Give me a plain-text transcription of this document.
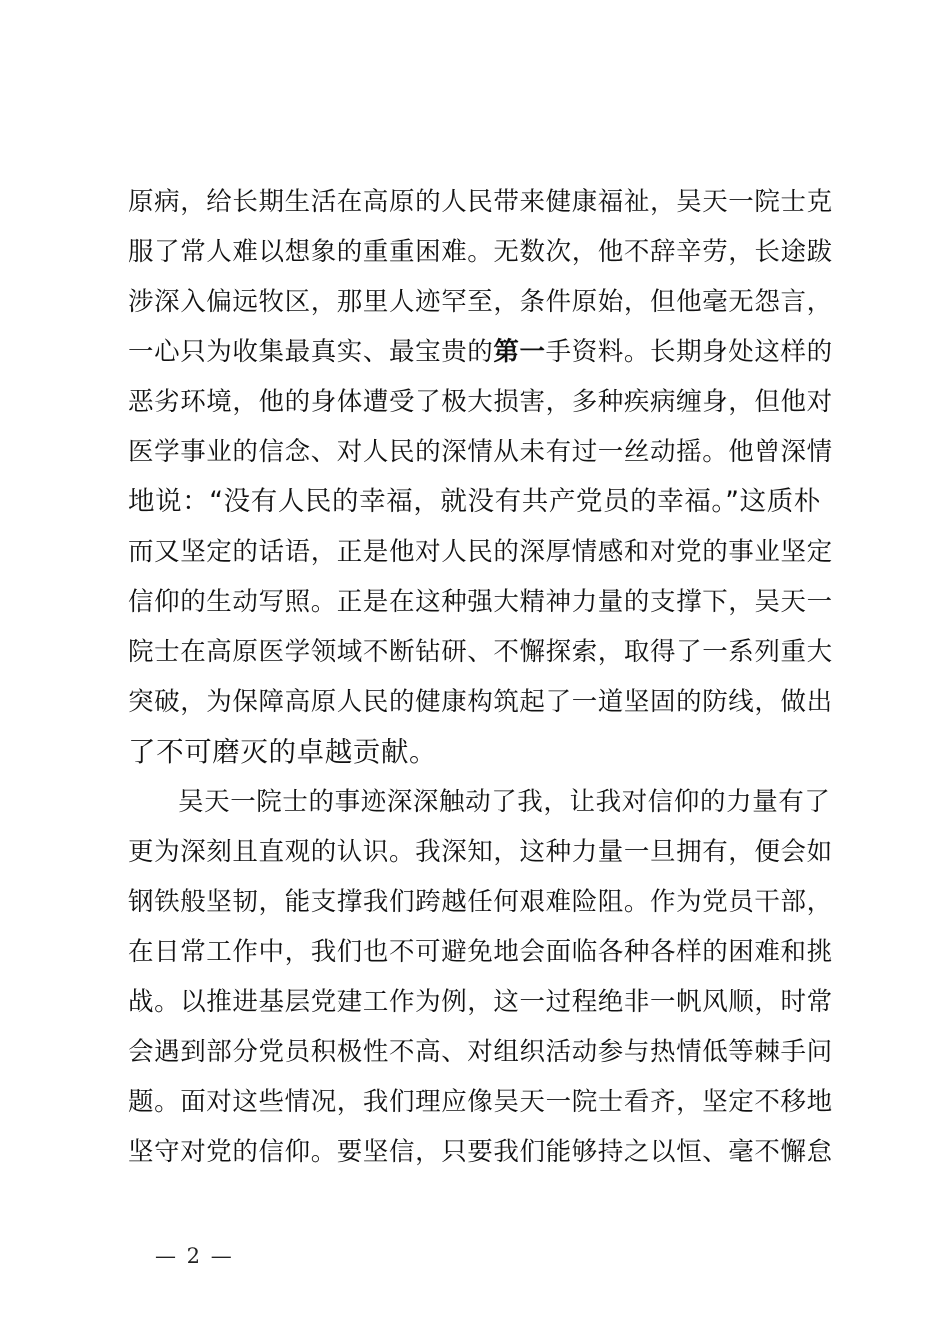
原病，给长期生活在高原的人民带来健康福祉，吴天一院士克
服了常人难以想象的重重困难。无数次，他不辞辛劳，长途跋
涉深入偏远牧区，那里人迹罕至，条件原始，但他毫无怨言，
一心只为收集最真实、最宝贵的第一手资料。长期身处这样的
恶劣环境，他的身体遭受了极大损害，多种疾病缠身，但他对
医学事业的信念、对人民的深情从未有过一丝动摇。他曾深情
地说：“没有人民的幸福，就没有共产党员的幸福。”这质朴
而又坚定的话语，正是他对人民的深厚情感和对党的事业坚定
信仰的生动写照。正是在这种强大精神力量的支撑下，吴天一
院士在高原医学领域不断钻研、不懈探索，取得了一系列重大
突破，为保障高原人民的健康构筑起了一道坚固的防线，做出
了不可磨灭的卓越贡献。
吴天一院士的事迹深深触动了我，让我对信仰的力量有了
更为深刻且直观的认识。我深知，这种力量一旦拥有，便会如
钢铁般坚韧，能支撑我们跨越任何艰难险阻。作为党员干部，
在日常工作中，我们也不可避免地会面临各种各样的困难和挑
战。以推进基层党建工作为例，这一过程绝非一帆风顺，时常
会遇到部分党员积极性不高、对组织活动参与热情低等棘手问
题。面对这些情况，我们理应像吴天一院士看齐，坚定不移地
坚守对党的信仰。要坚信，只要我们能够持之以恒、毫不懈怠
— 2 —
